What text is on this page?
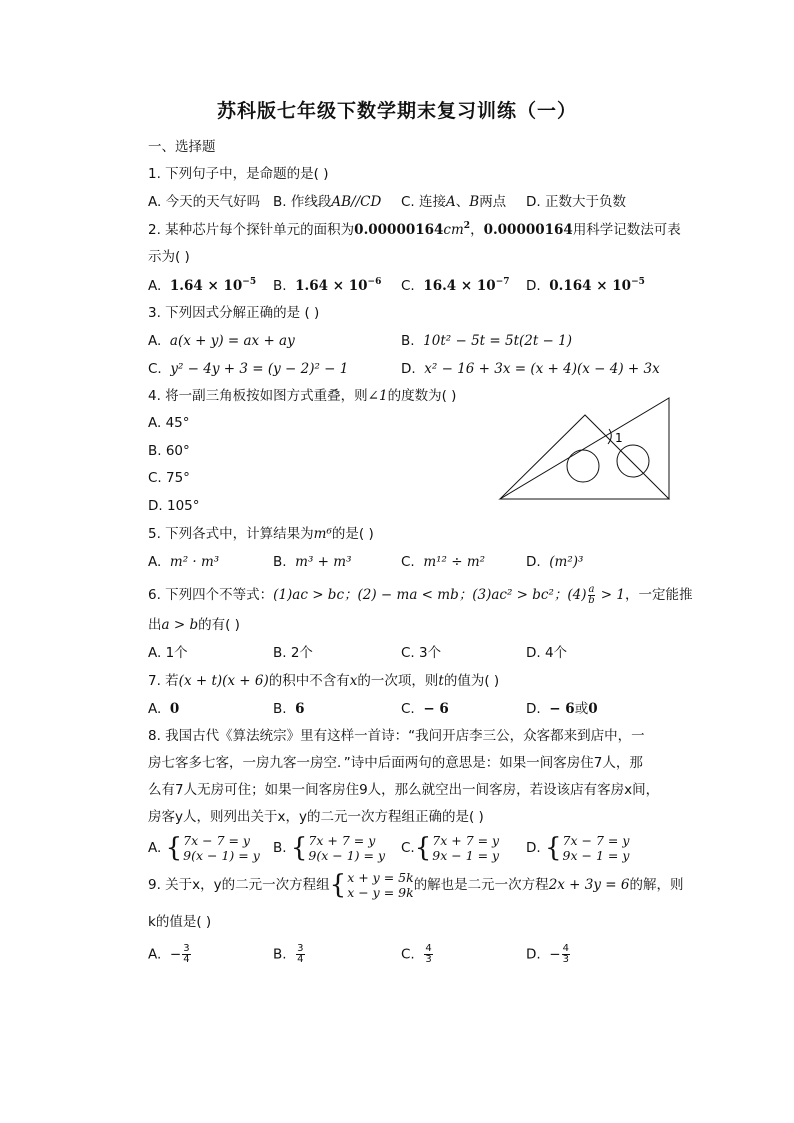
苏科版七年级下数学期末复习训练（一）
一、选择题
1. 下列句子中，是命题的是( )
A. 今天的天气好吗 B. 作线段AB//CD C. 连接A、B两点 D. 正数大于负数
2. 某种芯片每个探针单元的面积为$0.00000164cm^2$，0.00000164用科学记数法可表
示为( )
A. $1.64 \times 10^{-5}$ B. $1.64 \times 10^{-6}$ C. $16.4 \times 10^{-7}$ D. $0.164 \times 10^{-5}$
3. 下列因式分解正确的是 ( )
A. a(x + y) = ax + ay	B. 10t² − 5t = 5t(2t − 1)
C. y² − 4y + 3 = (y − 2)² − 1	D. x² − 16 + 3x = (x + 4)(x − 4) + 3x
4. 将一副三角板按如图方式重叠，则∠1的度数为( )
A. 45°
B. 60°
C. 75°
D. 105°
1
5. 下列各式中，计算结果为m⁶的是( )
A. m² · m³	B. m³ + m³	C. m¹² ÷ m²	D. (m²)³
6. 下列四个不等式：(1)ac > bc；(2) − ma < mb；(3)ac² > bc²；$(4) \frac{a}{b} > 1$，一定能推
出a > b的有( )
A. 1个	B. 2个	C. 3个	D. 4个
7. 若(x + t)(x + 6)的积中不含有x的一次项，则t的值为( )
A. 0	B. 6	C. − 6	D. − 6或0
8. 我国古代《算法统宗》里有这样一首诗：“我问开店李三公，众客都来到店中，一
房七客多七客，一房九客一房空．”诗中后面两句的意思是：如果一间客房住7人，那
么有7人无房可住；如果一间客房住9人，那么就空出一间客房，若设该店有客房x间，
房客y人，则列出关于x，y的二元一次方程组正确的是( )
A. { 7x − 7 = y
9(x − 1) = y B. { 7x + 7 = y
9(x − 1) = y C. { 7x + 7 = y
9x − 1 = y D. { 7x − 7 = y
9x − 1 = y
9. 关于x，y的二元一次方程组 { x + y = 5k
x − y = 9k 的解也是二元一次方程2x + 3y = 6的解，则
k的值是( )
A. − $\frac{3}{4}$	B. $\frac{3}{4}$	C. $\frac{4}{3}$	D. − $\frac{4}{3}$
